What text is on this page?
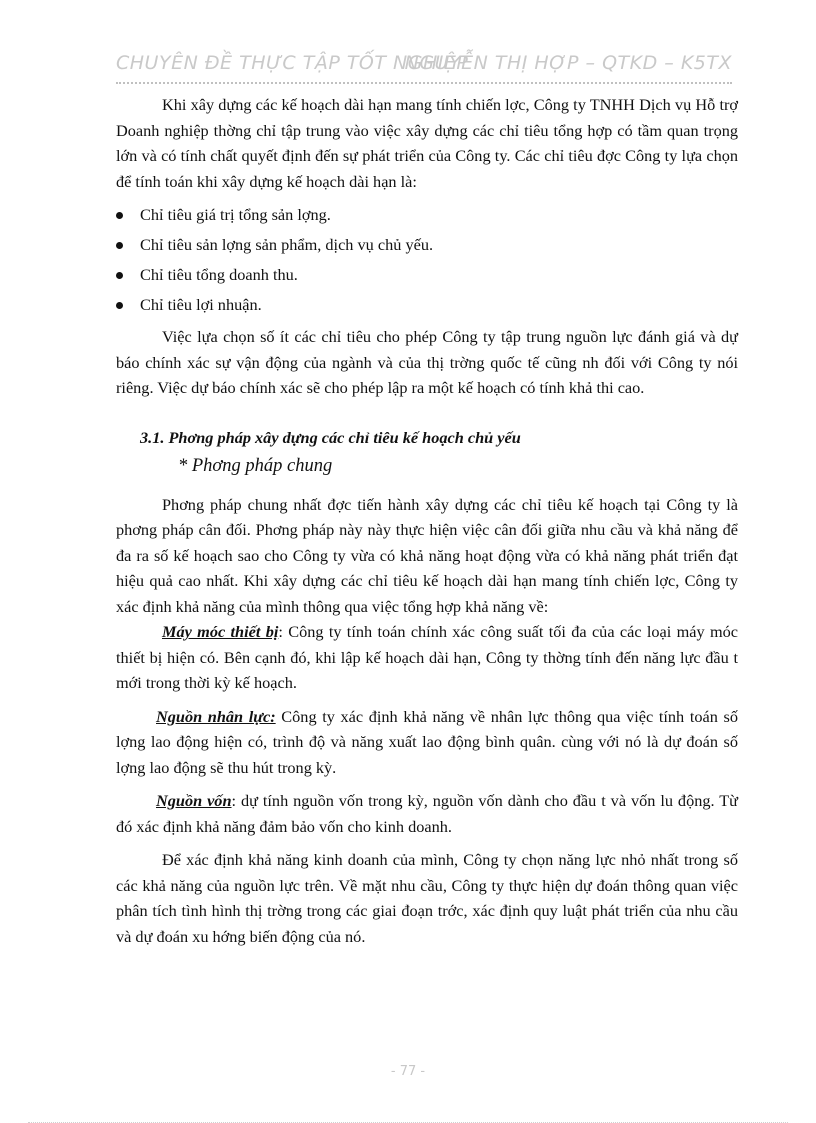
CHUYÊN ĐỀ THỰC TẬP TỐT NGHIỆP
NGUYỄN THỊ HỢP – QTKD – K5TX

Khi xây dựng các kế hoạch dài hạn mang tính chiến lợc, Công ty TNHH Dịch vụ Hỗ trợ Doanh nghiệp thờng chỉ tập trung vào việc xây dựng các chỉ tiêu tổng hợp có tầm quan trọng lớn và có tính chất quyết định đến sự phát triển của Công ty. Các chỉ tiêu đợc Công ty lựa chọn để tính toán khi xây dựng kế hoạch dài hạn là:

Chỉ tiêu giá trị tổng sản lợng.
Chỉ tiêu sản lợng sản phẩm, dịch vụ chủ yếu.
Chỉ tiêu tổng doanh thu.
Chỉ tiêu lợi nhuận.

Việc lựa chọn số ít các chỉ tiêu cho phép Công ty tập trung nguồn lực đánh giá và dự báo chính xác sự vận động của ngành và của thị trờng quốc tế cũng nh đối với Công ty nói riêng. Việc dự báo chính xác sẽ cho phép lập ra một kế hoạch có tính khả thi cao.

3.1. Phơng pháp xây dựng các chỉ tiêu kế hoạch chủ yếu

* Phơng pháp chung

Phơng pháp chung nhất đợc tiến hành xây dựng các chỉ tiêu kế hoạch tại Công ty là phơng pháp cân đối. Phơng pháp này này thực hiện việc cân đối giữa nhu cầu và khả năng để đa ra số kế hoạch sao cho Công ty vừa có khả năng hoạt động vừa có khả năng phát triển đạt hiệu quả cao nhất. Khi xây dựng các chỉ tiêu kế hoạch dài hạn mang tính chiến lợc, Công ty xác định khả năng của mình thông qua việc tổng hợp khả năng về:

Máy móc thiết bị: Công ty tính toán chính xác công suất tối đa của các loại máy móc thiết bị hiện có. Bên cạnh đó, khi lập kế hoạch dài hạn, Công ty thờng tính đến năng lực đầu t mới trong thời kỳ kế hoạch.

Nguồn nhân lực: Công ty xác định khả năng về nhân lực thông qua việc tính toán số lợng lao động hiện có, trình độ và năng xuất lao động bình quân. cùng với nó là dự đoán số lợng lao động sẽ thu hút trong kỳ.

Nguồn vốn: dự tính nguồn vốn trong kỳ, nguồn vốn dành cho đầu t và vốn lu động. Từ đó xác định khả năng đảm bảo vốn cho kinh doanh.

Để xác định khả năng kinh doanh của mình, Công ty chọn năng lực nhỏ nhất trong số các khả năng của nguồn lực trên. Về mặt nhu cầu, Công ty thực hiện dự đoán thông quan việc phân tích tình hình thị trờng trong các giai đoạn trớc, xác định quy luật phát triển của nhu cầu và dự đoán xu hớng biến động của nó.

- 77 -
